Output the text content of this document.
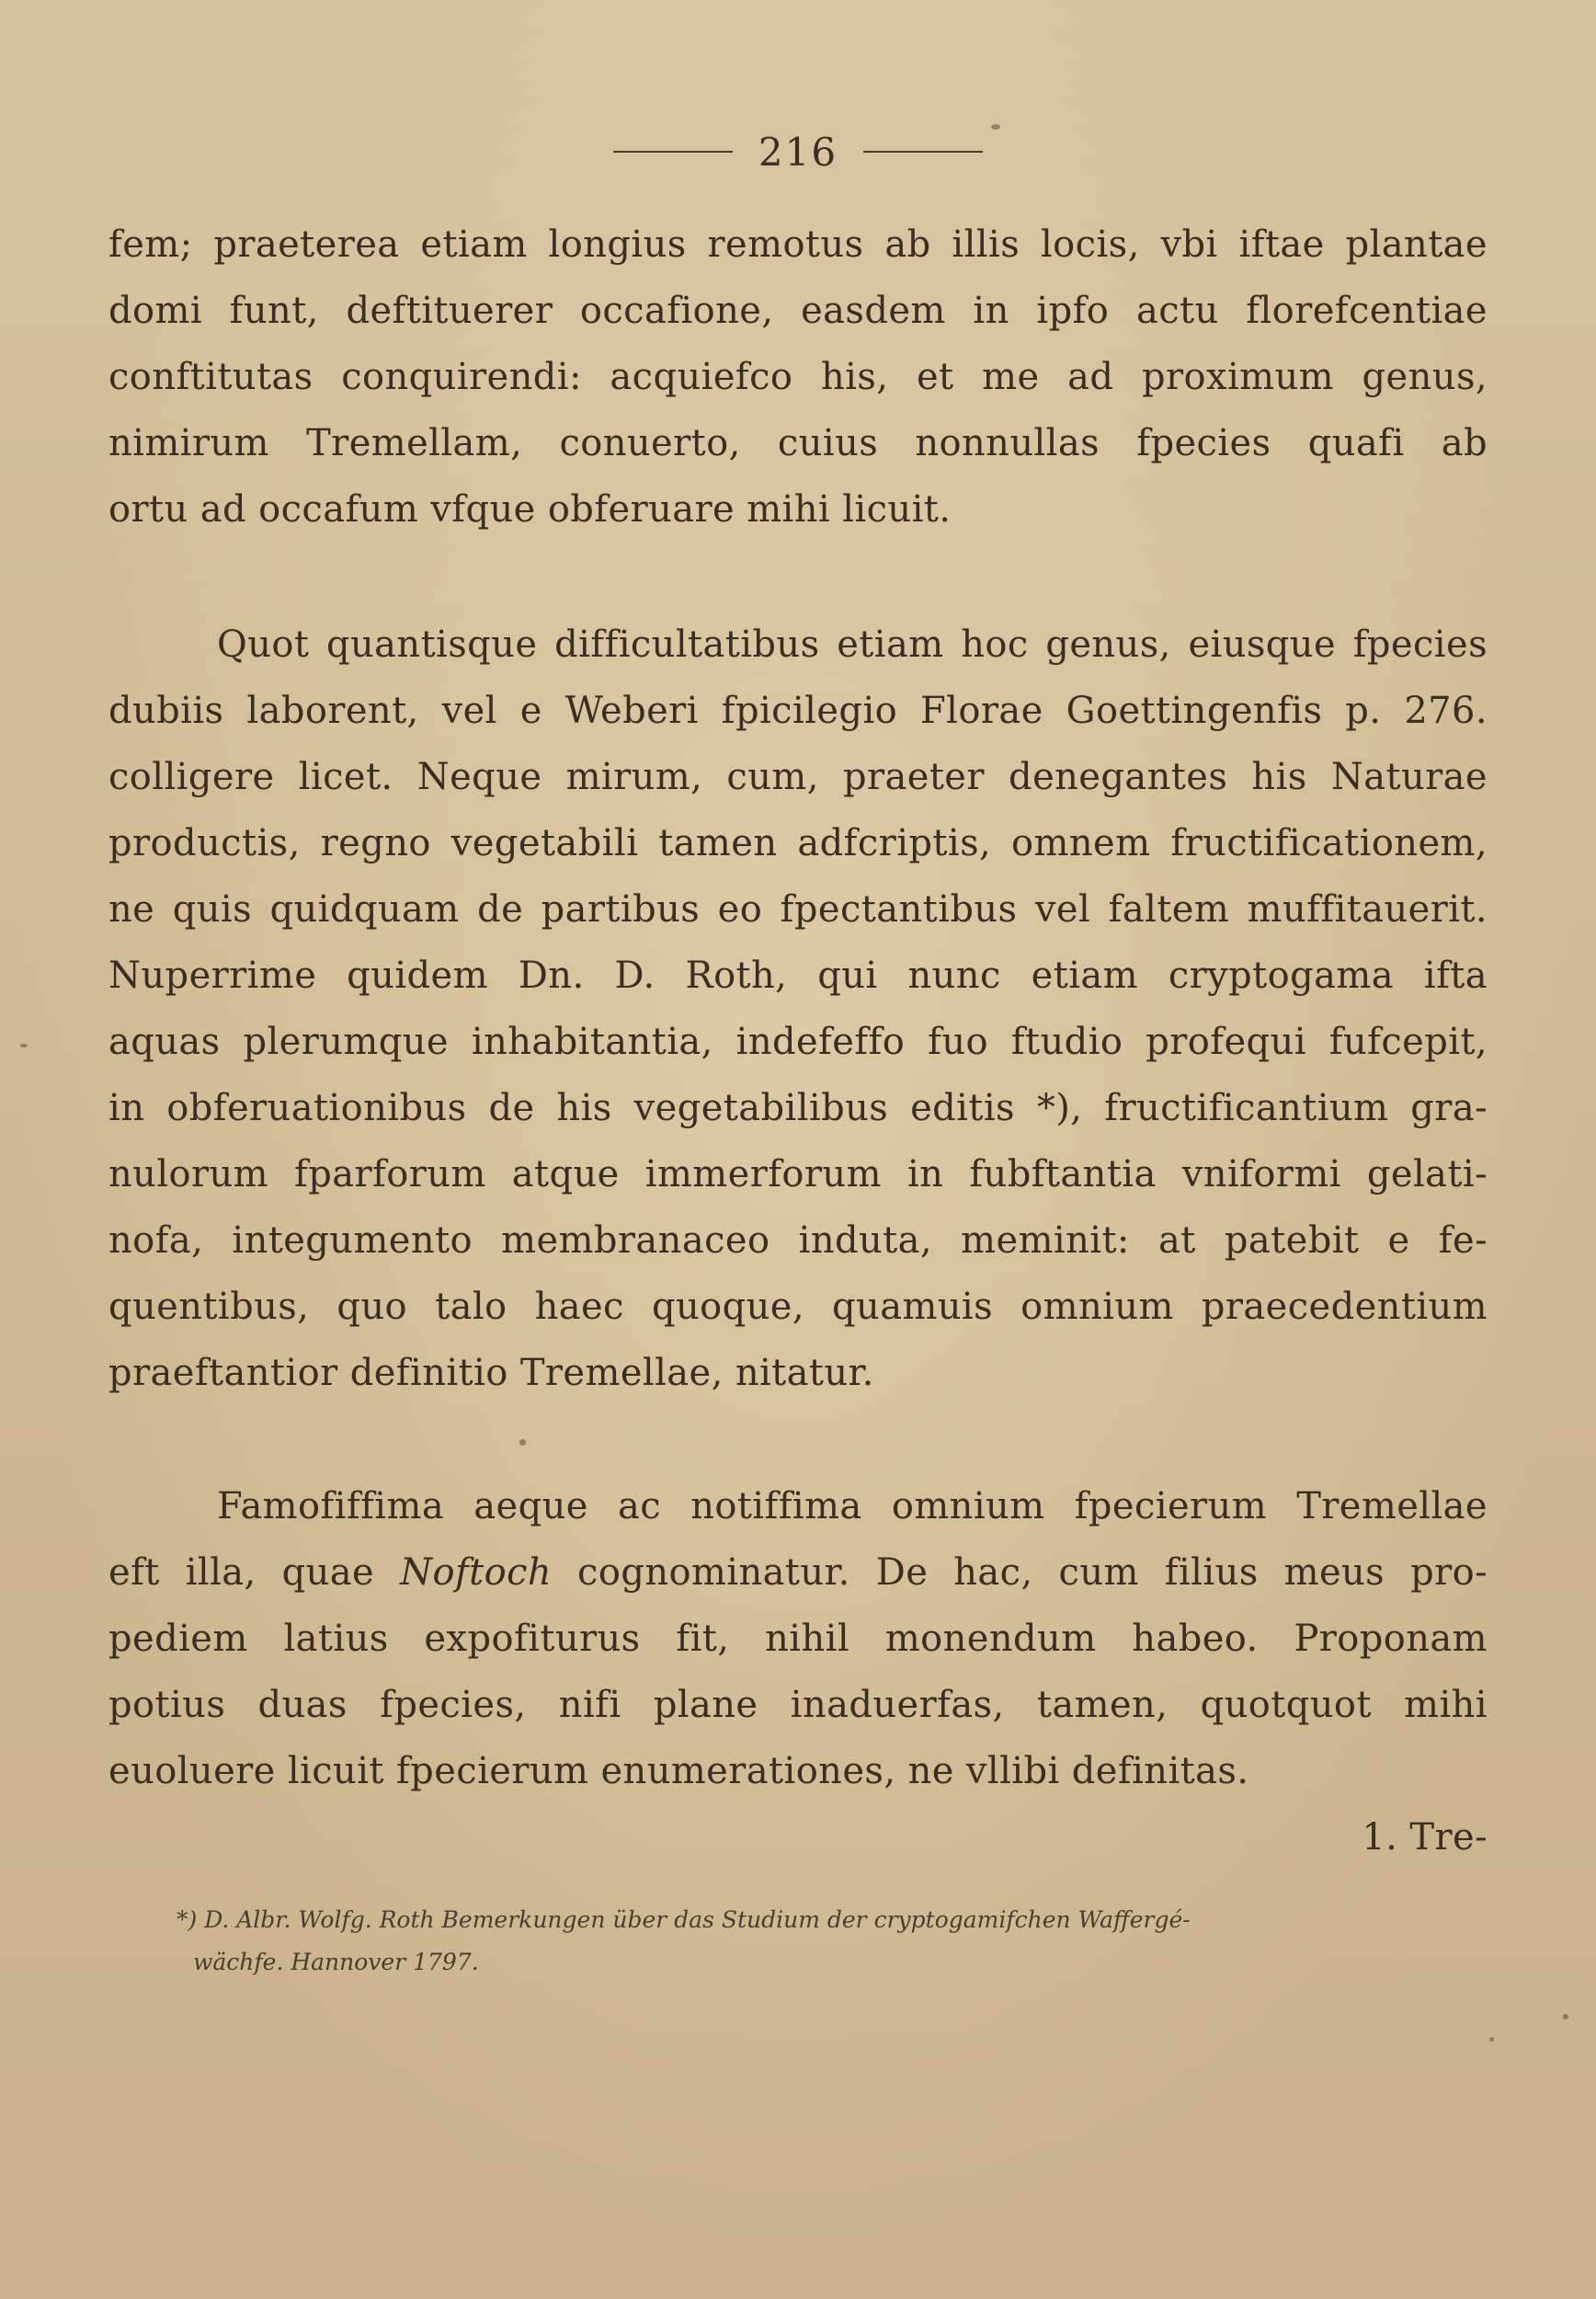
216
fem; praeterea etiam longius remotus ab illis locis, vbi iftae plantae
domi funt, deftituerer occafione, easdem in ipfo actu florefcentiae
conftitutas conquirendi: acquiefco his, et me ad proximum genus,
nimirum Tremellam, conuerto, cuius nonnullas fpecies quafi ab
ortu ad occafum vfque obferuare mihi licuit.
Quot quantisque difficultatibus etiam hoc genus, eiusque fpecies
dubiis laborent, vel e Weberi fpicilegio Florae Goettingenfis p. 276.
colligere licet. Neque mirum, cum, praeter denegantes his Naturae
productis, regno vegetabili tamen adfcriptis, omnem fructificationem,
ne quis quidquam de partibus eo fpectantibus vel faltem muffitauerit.
Nuperrime quidem Dn. D. Roth, qui nunc etiam cryptogama ifta
aquas plerumque inhabitantia, indefeffo fuo ftudio profequi fufcepit,
in obferuationibus de his vegetabilibus editis *), fructificantium gra-
nulorum fparforum atque immerforum in fubftantia vniformi gelati-
nofa, integumento membranaceo induta, meminit: at patebit e fe-
quentibus, quo talo haec quoque, quamuis omnium praecedentium
praeftantior definitio Tremellae, nitatur.
Famofiffima aeque ac notiffima omnium fpecierum Tremellae
eft illa, quae Noftoch cognominatur. De hac, cum filius meus pro-
pediem latius expofiturus fit, nihil monendum habeo. Proponam
potius duas fpecies, nifi plane inaduerfas, tamen, quotquot mihi
euoluere licuit fpecierum enumerationes, ne vllibi definitas.
1. Tre-
*) D. Albr. Wolfg. Roth Bemerkungen über das Studium der cryptogamifchen Waffergé-
wächfe. Hannover 1797.
